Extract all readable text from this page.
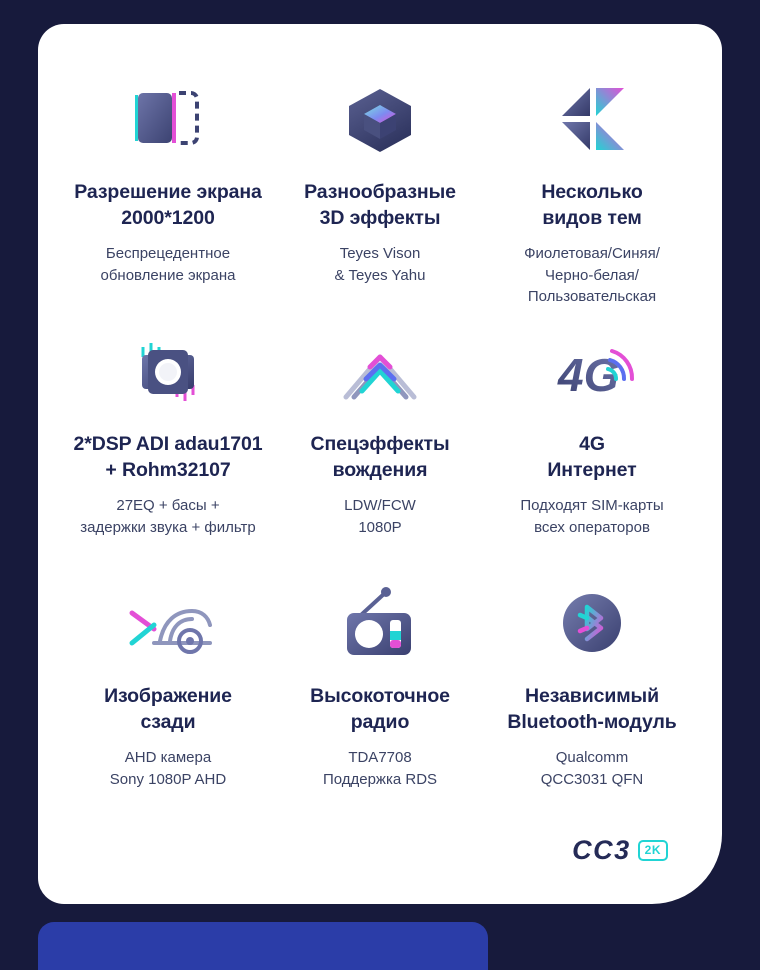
Разрешение экрана
2000*1200
Беспрецедентное
обновление экрана
Разнообразные
3D эффекты
Teyes Vison
& Teyes Yahu
Несколько
видов тем
Фиолетовая/Синяя/
Черно-белая/
Пользовательская
2*DSP ADI adau1701
+ Rohm32107
27EQ + басы +
задержки звука + фильтр
Спецэффекты
вождения
LDW/FCW
1080P
4G
4G
Интернет
Подходят SIM-карты
всех операторов
Изображение
сзади
AHD камера
Sony 1080P AHD
Высокоточное
радио
TDA7708
Поддержка RDS
Независимый
Bluetooth-модуль
Qualcomm
QCC3031 QFN
CC3	2K
